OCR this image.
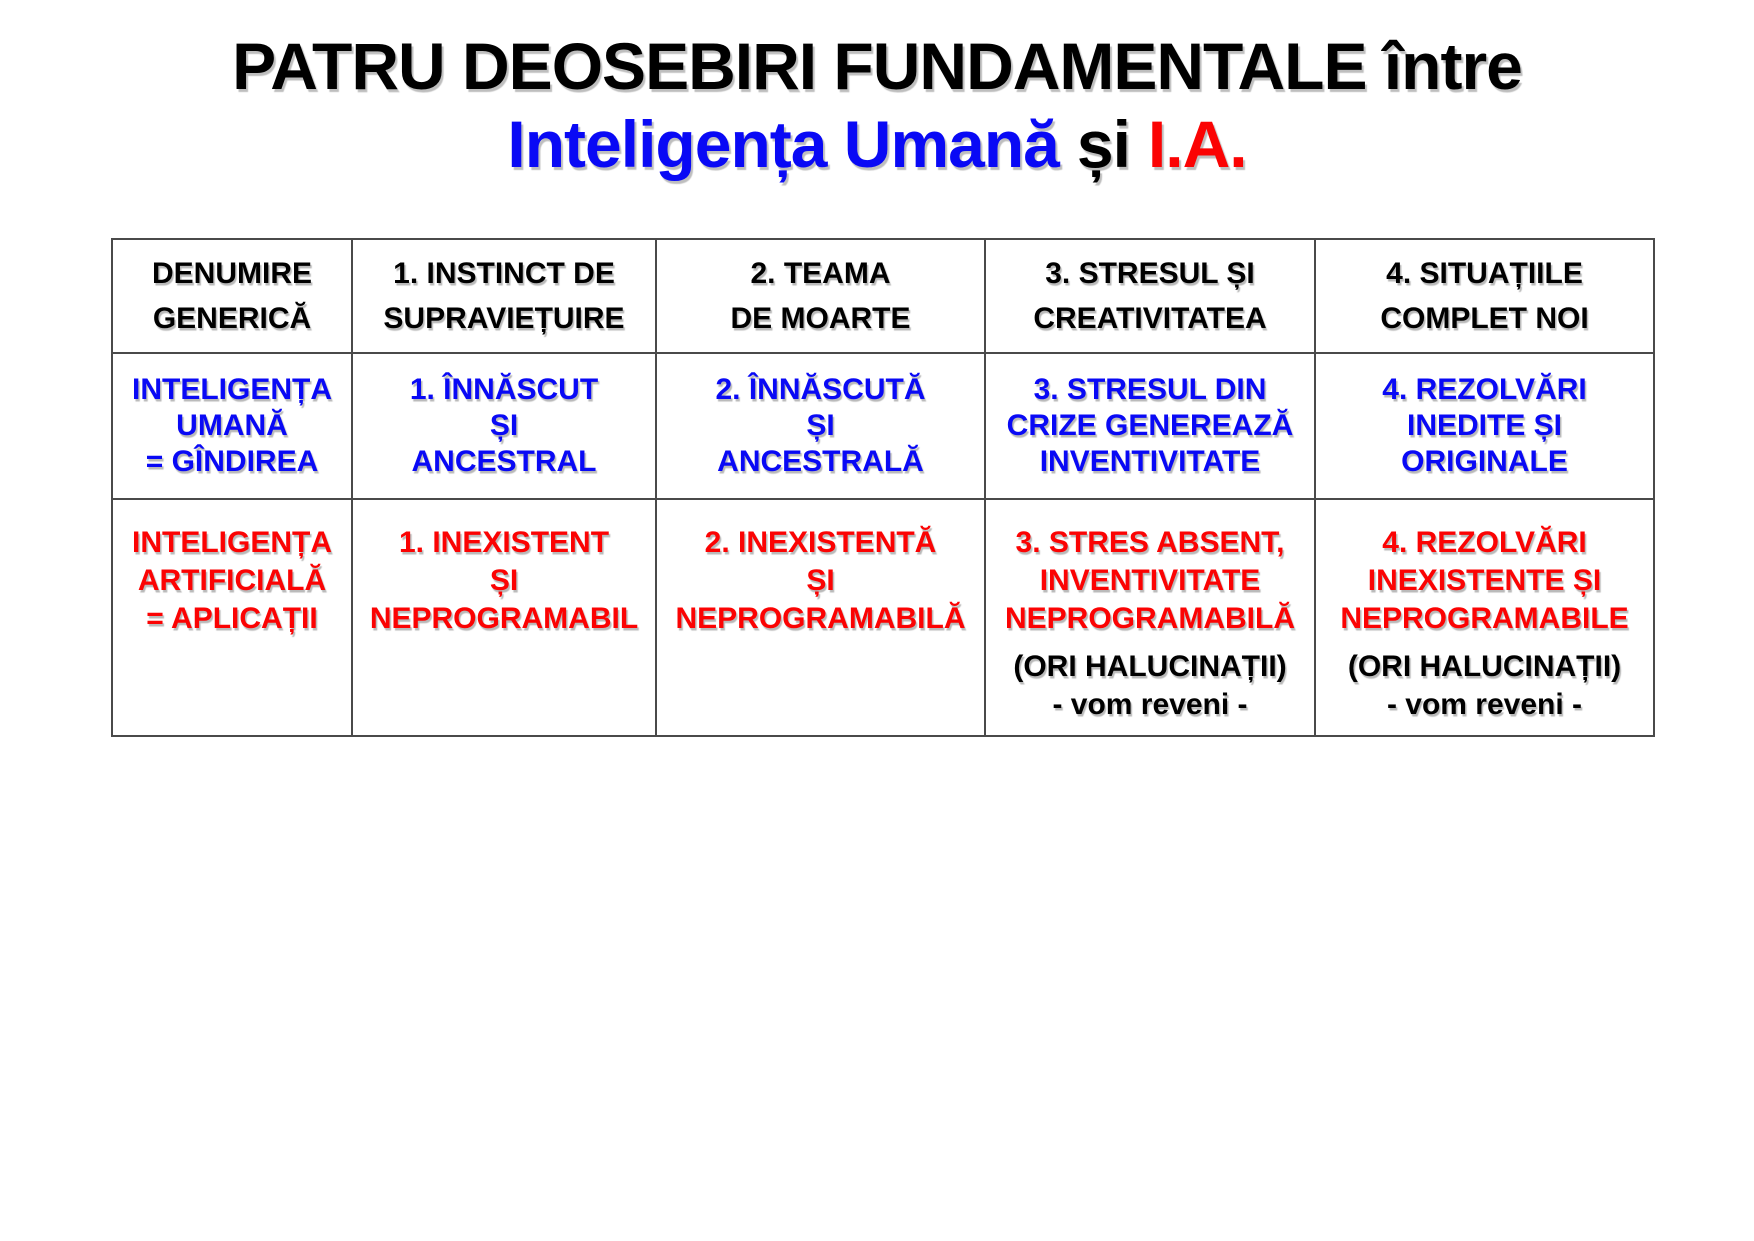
PATRU DEOSEBIRI FUNDAMENTALE între
Inteligența Umană și I.A.
DENUMIRE
GENERICĂ
1. INSTINCT DE
SUPRAVIEȚUIRE
2. TEAMA
DE MOARTE
3. STRESUL ȘI
CREATIVITATEA
4. SITUAȚIILE
COMPLET NOI
INTELIGENȚA
UMANĂ
= GÎNDIREA
1. ÎNNĂSCUT
ȘI
ANCESTRAL
2. ÎNNĂSCUTĂ
ȘI
ANCESTRALĂ
3. STRESUL DIN
CRIZE GENEREAZĂ
INVENTIVITATE
4. REZOLVĂRI
INEDITE ȘI
ORIGINALE
INTELIGENȚA
ARTIFICIALĂ
= APLICAȚII
1. INEXISTENT
ȘI
NEPROGRAMABIL
2. INEXISTENTĂ
ȘI
NEPROGRAMABILĂ
3. STRES ABSENT,
INVENTIVITATE
NEPROGRAMABILĂ
(ORI HALUCINAȚII)
- vom reveni -
4. REZOLVĂRI
INEXISTENTE ȘI
NEPROGRAMABILE
(ORI HALUCINAȚII)
- vom reveni -
